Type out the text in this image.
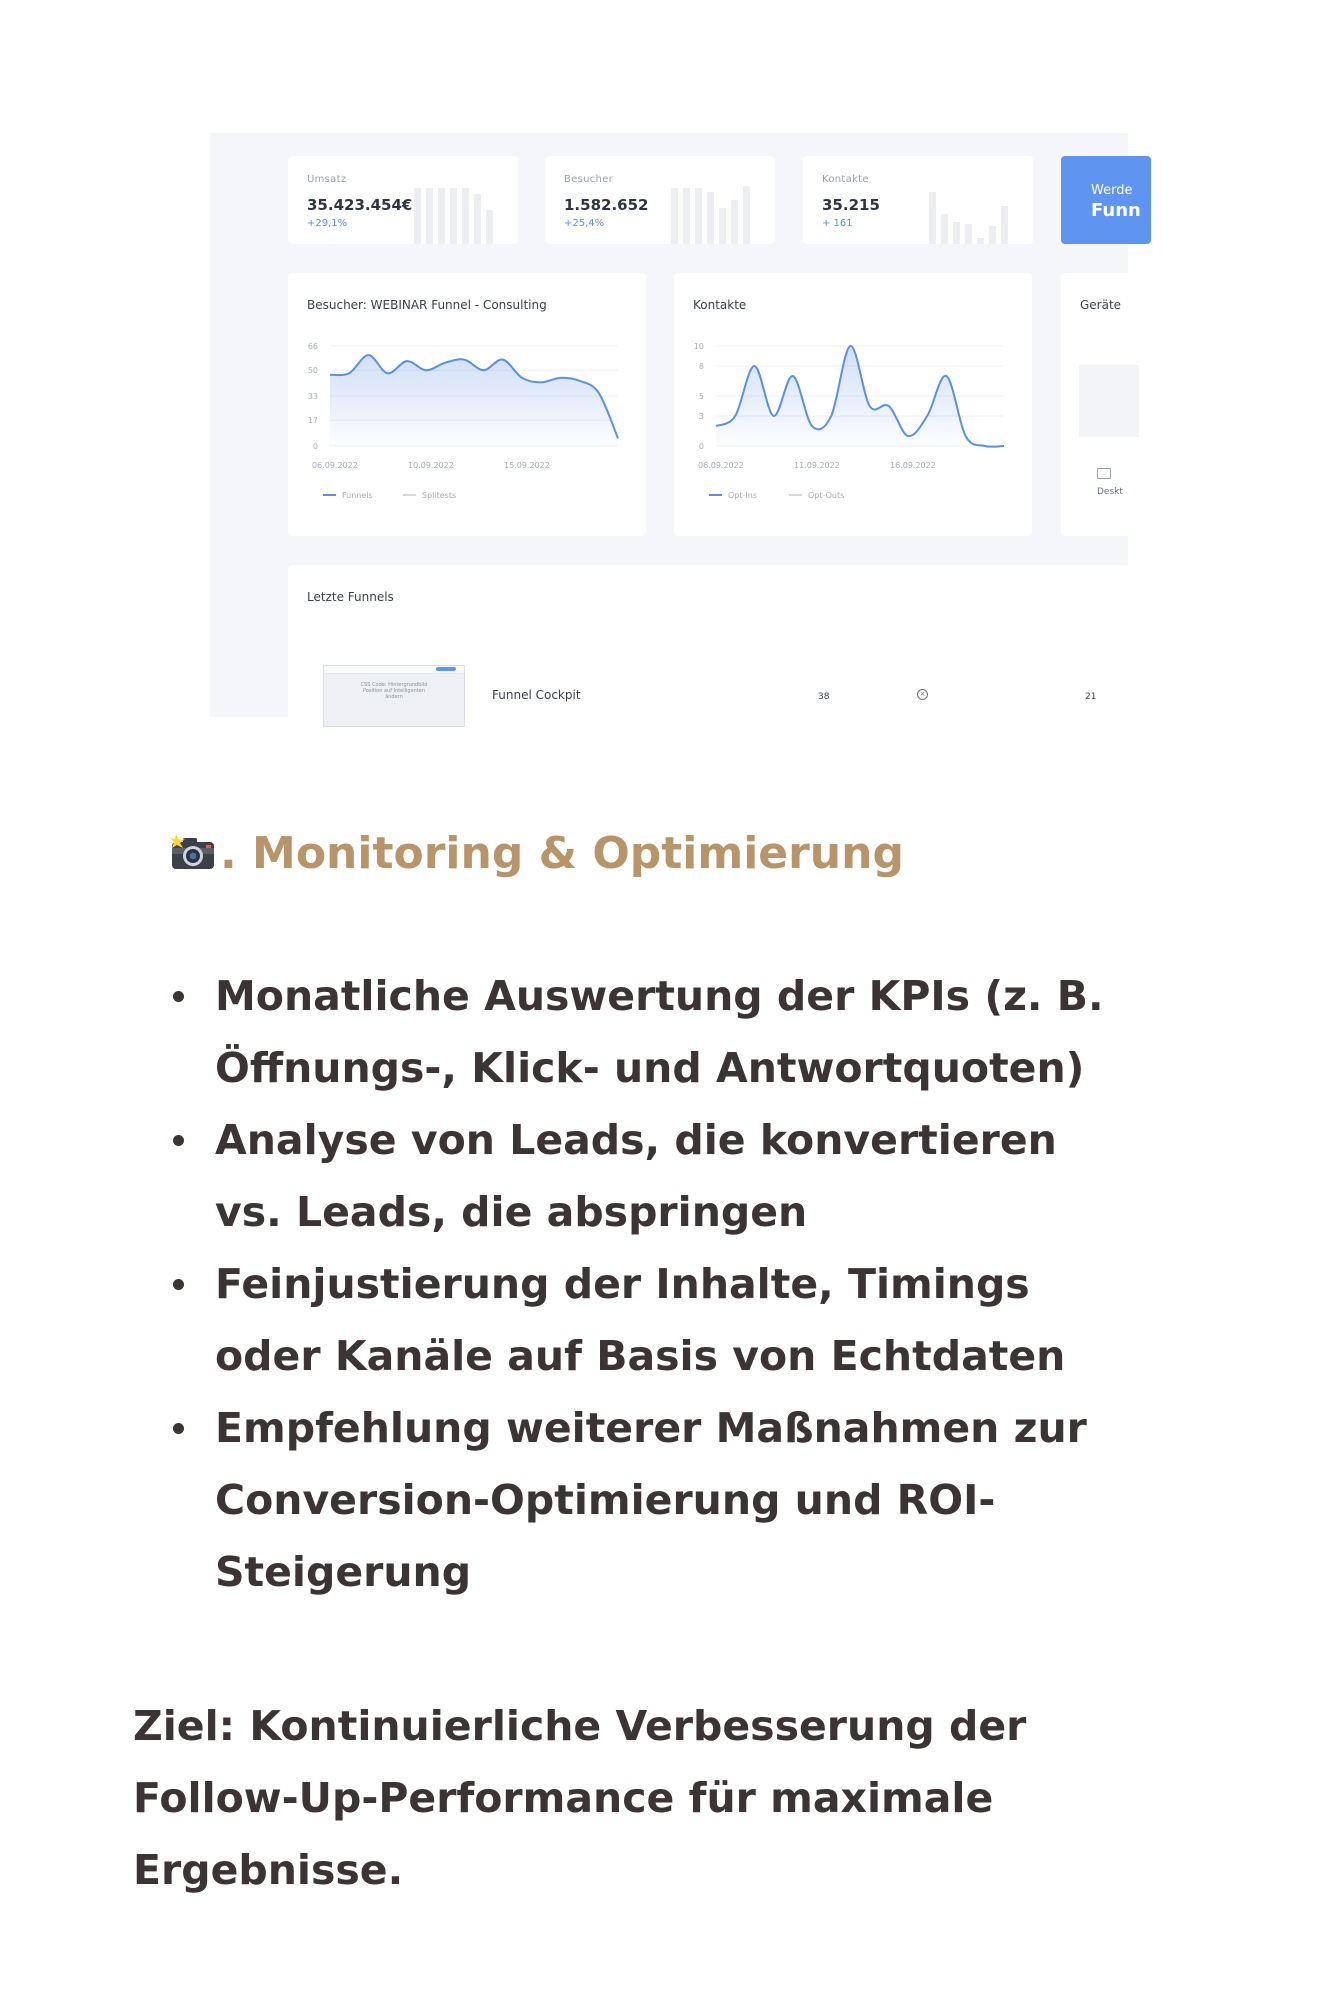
Umsatz
35.423.454€
+29,1%
Besucher
1.582.652
+25,4%
Kontakte
35.215
+ 161
Werde
Funn
Besucher: WEBINAR Funnel - Consulting
0
17
33
50
66
06.09.2022	10.09.2022	15.09.2022
Funnels	Splitests
Kontakte
0
3
5
8
10
06.09.2022	11.09.2022	16.09.2022
Opt-Ins	Opt-Outs
Geräte
Deskt
Letzte Funnels
CSS Code: Hintergrundbild Position auf Intelligenten ändern	Funnel Cockpit	38	×	21
. Monitoring & Optimierung
Monatliche Auswertung der KPIs (z. B. Öffnungs-, Klick- und Antwortquoten)
Analyse von Leads, die konvertieren vs. Leads, die abspringen
Feinjustierung der Inhalte, Timings oder Kanäle auf Basis von Echtdaten
Empfehlung weiterer Maßnahmen zur Conversion-Optimierung und ROI-Steigerung
Ziel: Kontinuierliche Verbesserung der Follow-Up-Performance für maximale Ergebnisse.
